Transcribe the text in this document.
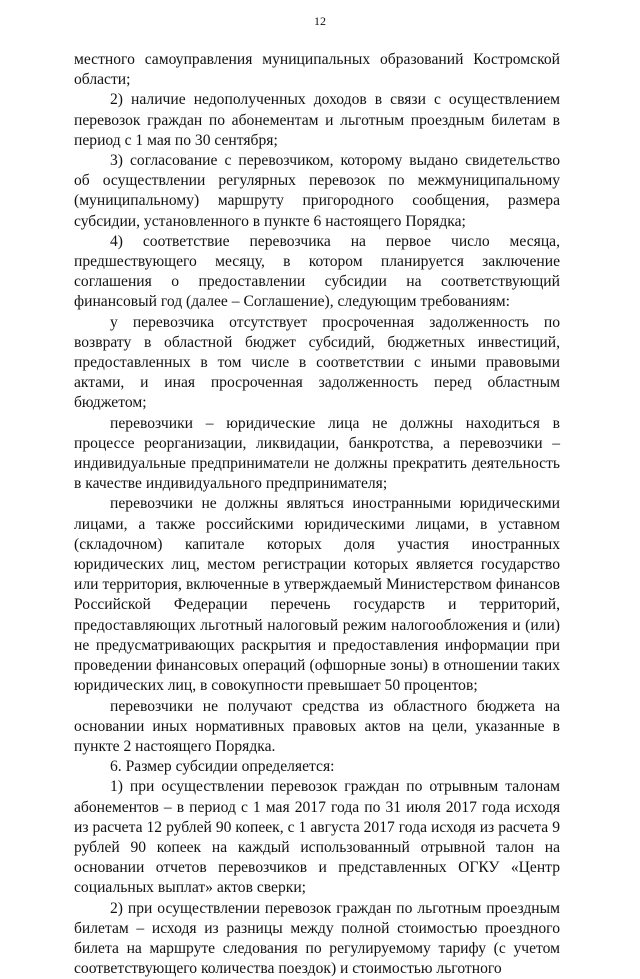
12

местного самоуправления муниципальных образований Костромской области;

2) наличие недополученных доходов в связи с осуществлением перевозок граждан по абонементам и льготным проездным билетам в период с 1 мая по 30 сентября;

3) согласование с перевозчиком, которому выдано свидетельство об осуществлении регулярных перевозок по межмуниципальному (муниципальному) маршруту пригородного сообщения, размера субсидии, установленного в пункте 6 настоящего Порядка;

4) соответствие перевозчика на первое число месяца, предшествующего месяцу, в котором планируется заключение соглашения о предоставлении субсидии на соответствующий финансовый год (далее – Соглашение), следующим требованиям:

у перевозчика отсутствует просроченная задолженность по возврату в областной бюджет субсидий, бюджетных инвестиций, предоставленных в том числе в соответствии с иными правовыми актами, и иная просроченная задолженность перед областным бюджетом;

перевозчики – юридические лица не должны находиться в процессе реорганизации, ликвидации, банкротства, а перевозчики – индивидуальные предприниматели не должны прекратить деятельность в качестве индивидуального предпринимателя;

перевозчики не должны являться иностранными юридическими лицами, а также российскими юридическими лицами, в уставном (складочном) капитале которых доля участия иностранных юридических лиц, местом регистрации которых является государство или территория, включенные в утверждаемый Министерством финансов Российской Федерации перечень государств и территорий, предоставляющих льготный налоговый режим налогообложения и (или) не предусматривающих раскрытия и предоставления информации при проведении финансовых операций (офшорные зоны) в отношении таких юридических лиц, в совокупности превышает 50 процентов;

перевозчики не получают средства из областного бюджета на основании иных нормативных правовых актов на цели, указанные в пункте 2 настоящего Порядка.

6. Размер субсидии определяется:

1) при осуществлении перевозок граждан по отрывным талонам абонементов – в период с 1 мая 2017 года по 31 июля 2017 года исходя из расчета 12 рублей 90 копеек, с 1 августа 2017 года исходя из расчета 9 рублей 90 копеек на каждый использованный отрывной талон на основании отчетов перевозчиков и представленных ОГКУ «Центр социальных выплат» актов сверки;

2) при осуществлении перевозок граждан по льготным проездным билетам – исходя из разницы между полной стоимостью проездного билета на маршруте следования по регулируемому тарифу (с учетом соответствующего количества поездок) и стоимостью льготного
